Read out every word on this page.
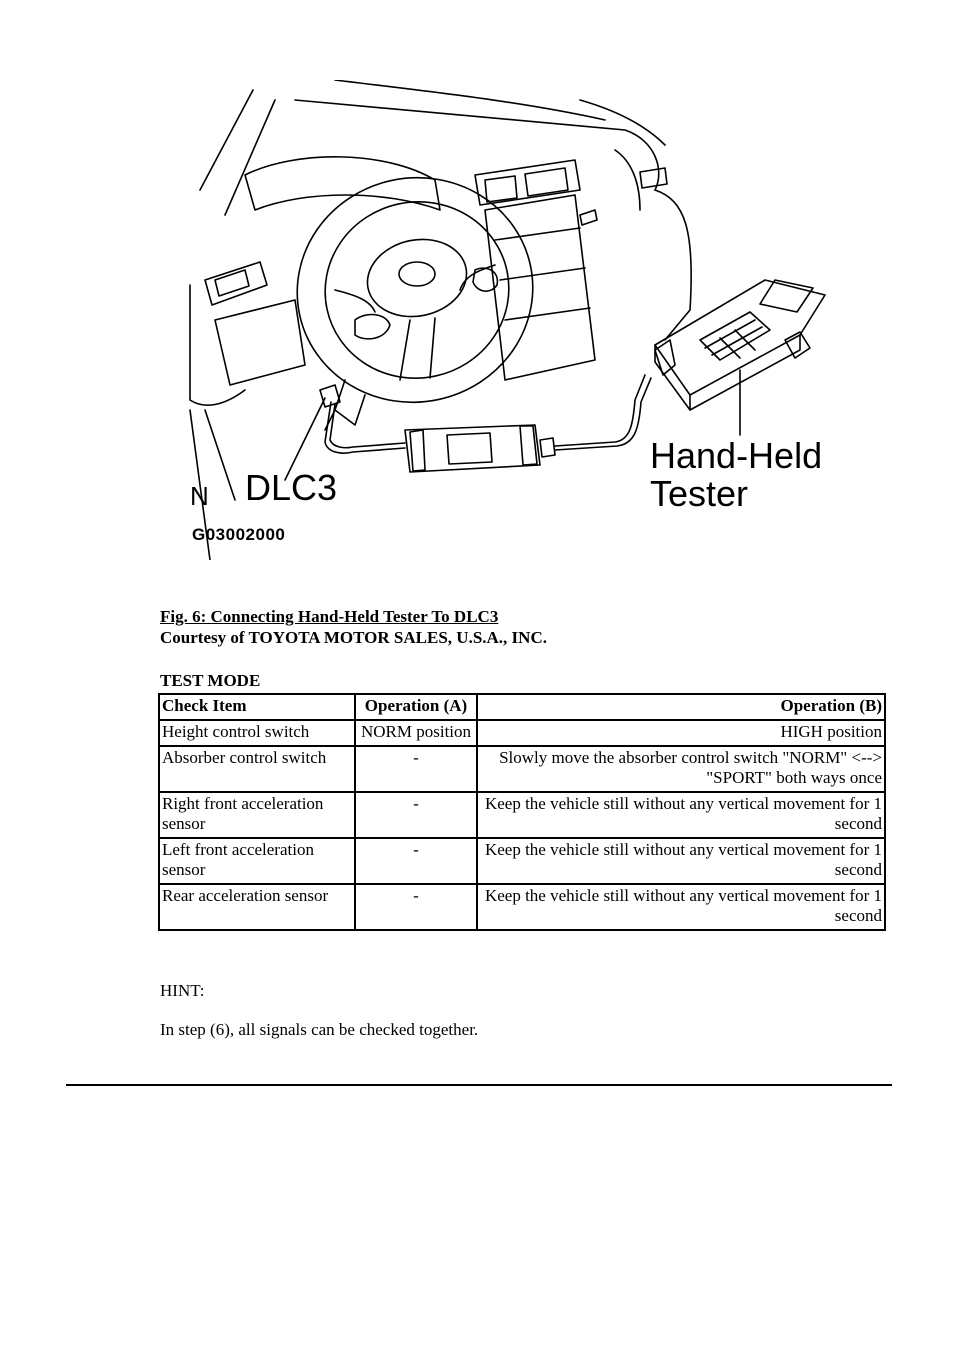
N DLC3
Hand-Held
Tester
G03002000
Fig. 6: Connecting Hand-Held Tester To DLC3
Courtesy of TOYOTA MOTOR SALES, U.S.A., INC.
TEST MODE
Check Item	Operation (A)	Operation (B)
Height control switch	NORM position	HIGH position
Absorber control switch	-	Slowly move the absorber control switch "NORM" <--> "SPORT" both ways once
Right front acceleration sensor	-	Keep the vehicle still without any vertical movement for 1 second
Left front acceleration sensor	-	Keep the vehicle still without any vertical movement for 1 second
Rear acceleration sensor	-	Keep the vehicle still without any vertical movement for 1 second
HINT:
In step (6), all signals can be checked together.
